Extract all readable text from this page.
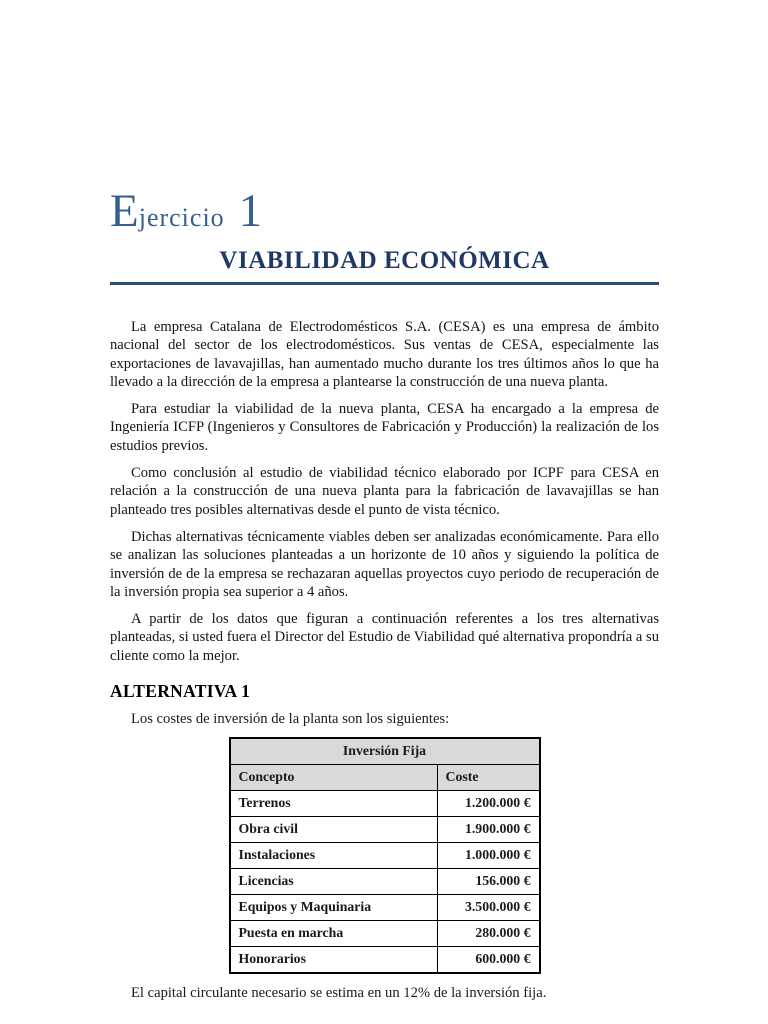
E jercicio 1
VIABILIDAD ECONÓMICA

La empresa Catalana de Electrodomésticos S.A. (CESA) es una empresa de ámbito nacional del sector de los electrodomésticos. Sus ventas de CESA, especialmente las exportaciones de lavavajillas, han aumentado mucho durante los tres últimos años lo que ha llevado a la dirección de la empresa a plantearse la construcción de una nueva planta.

Para estudiar la viabilidad de la nueva planta, CESA ha encargado a la empresa de Ingeniería ICFP (Ingenieros y Consultores de Fabricación y Producción) la realización de los estudios previos.

Como conclusión al estudio de viabilidad técnico elaborado por ICPF para CESA en relación a la construcción de una nueva planta para la fabricación de lavavajillas se han planteado tres posibles alternativas desde el punto de vista técnico.

Dichas alternativas técnicamente viables deben ser analizadas económicamente. Para ello se analizan las soluciones planteadas a un horizonte de 10 años y siguiendo la política de inversión de de la empresa se rechazaran aquellas proyectos cuyo periodo de recuperación de la inversión propia sea superior a 4 años.

A partir de los datos que figuran a continuación referentes a los tres alternativas planteadas, si usted fuera el Director del Estudio de Viabilidad qué alternativa propondría a su cliente como la mejor.

ALTERNATIVA 1

Los costes de inversión de la planta son los siguientes:

Inversión Fija	
Concepto	Coste
Terrenos	1.200.000 €
Obra civil	1.900.000 €
Instalaciones	1.000.000 €
Licencias	156.000 €
Equipos y Maquinaria	3.500.000 €
Puesta en marcha	280.000 €
Honorarios	600.000 €

El capital circulante necesario se estima en un 12% de la inversión fija.
